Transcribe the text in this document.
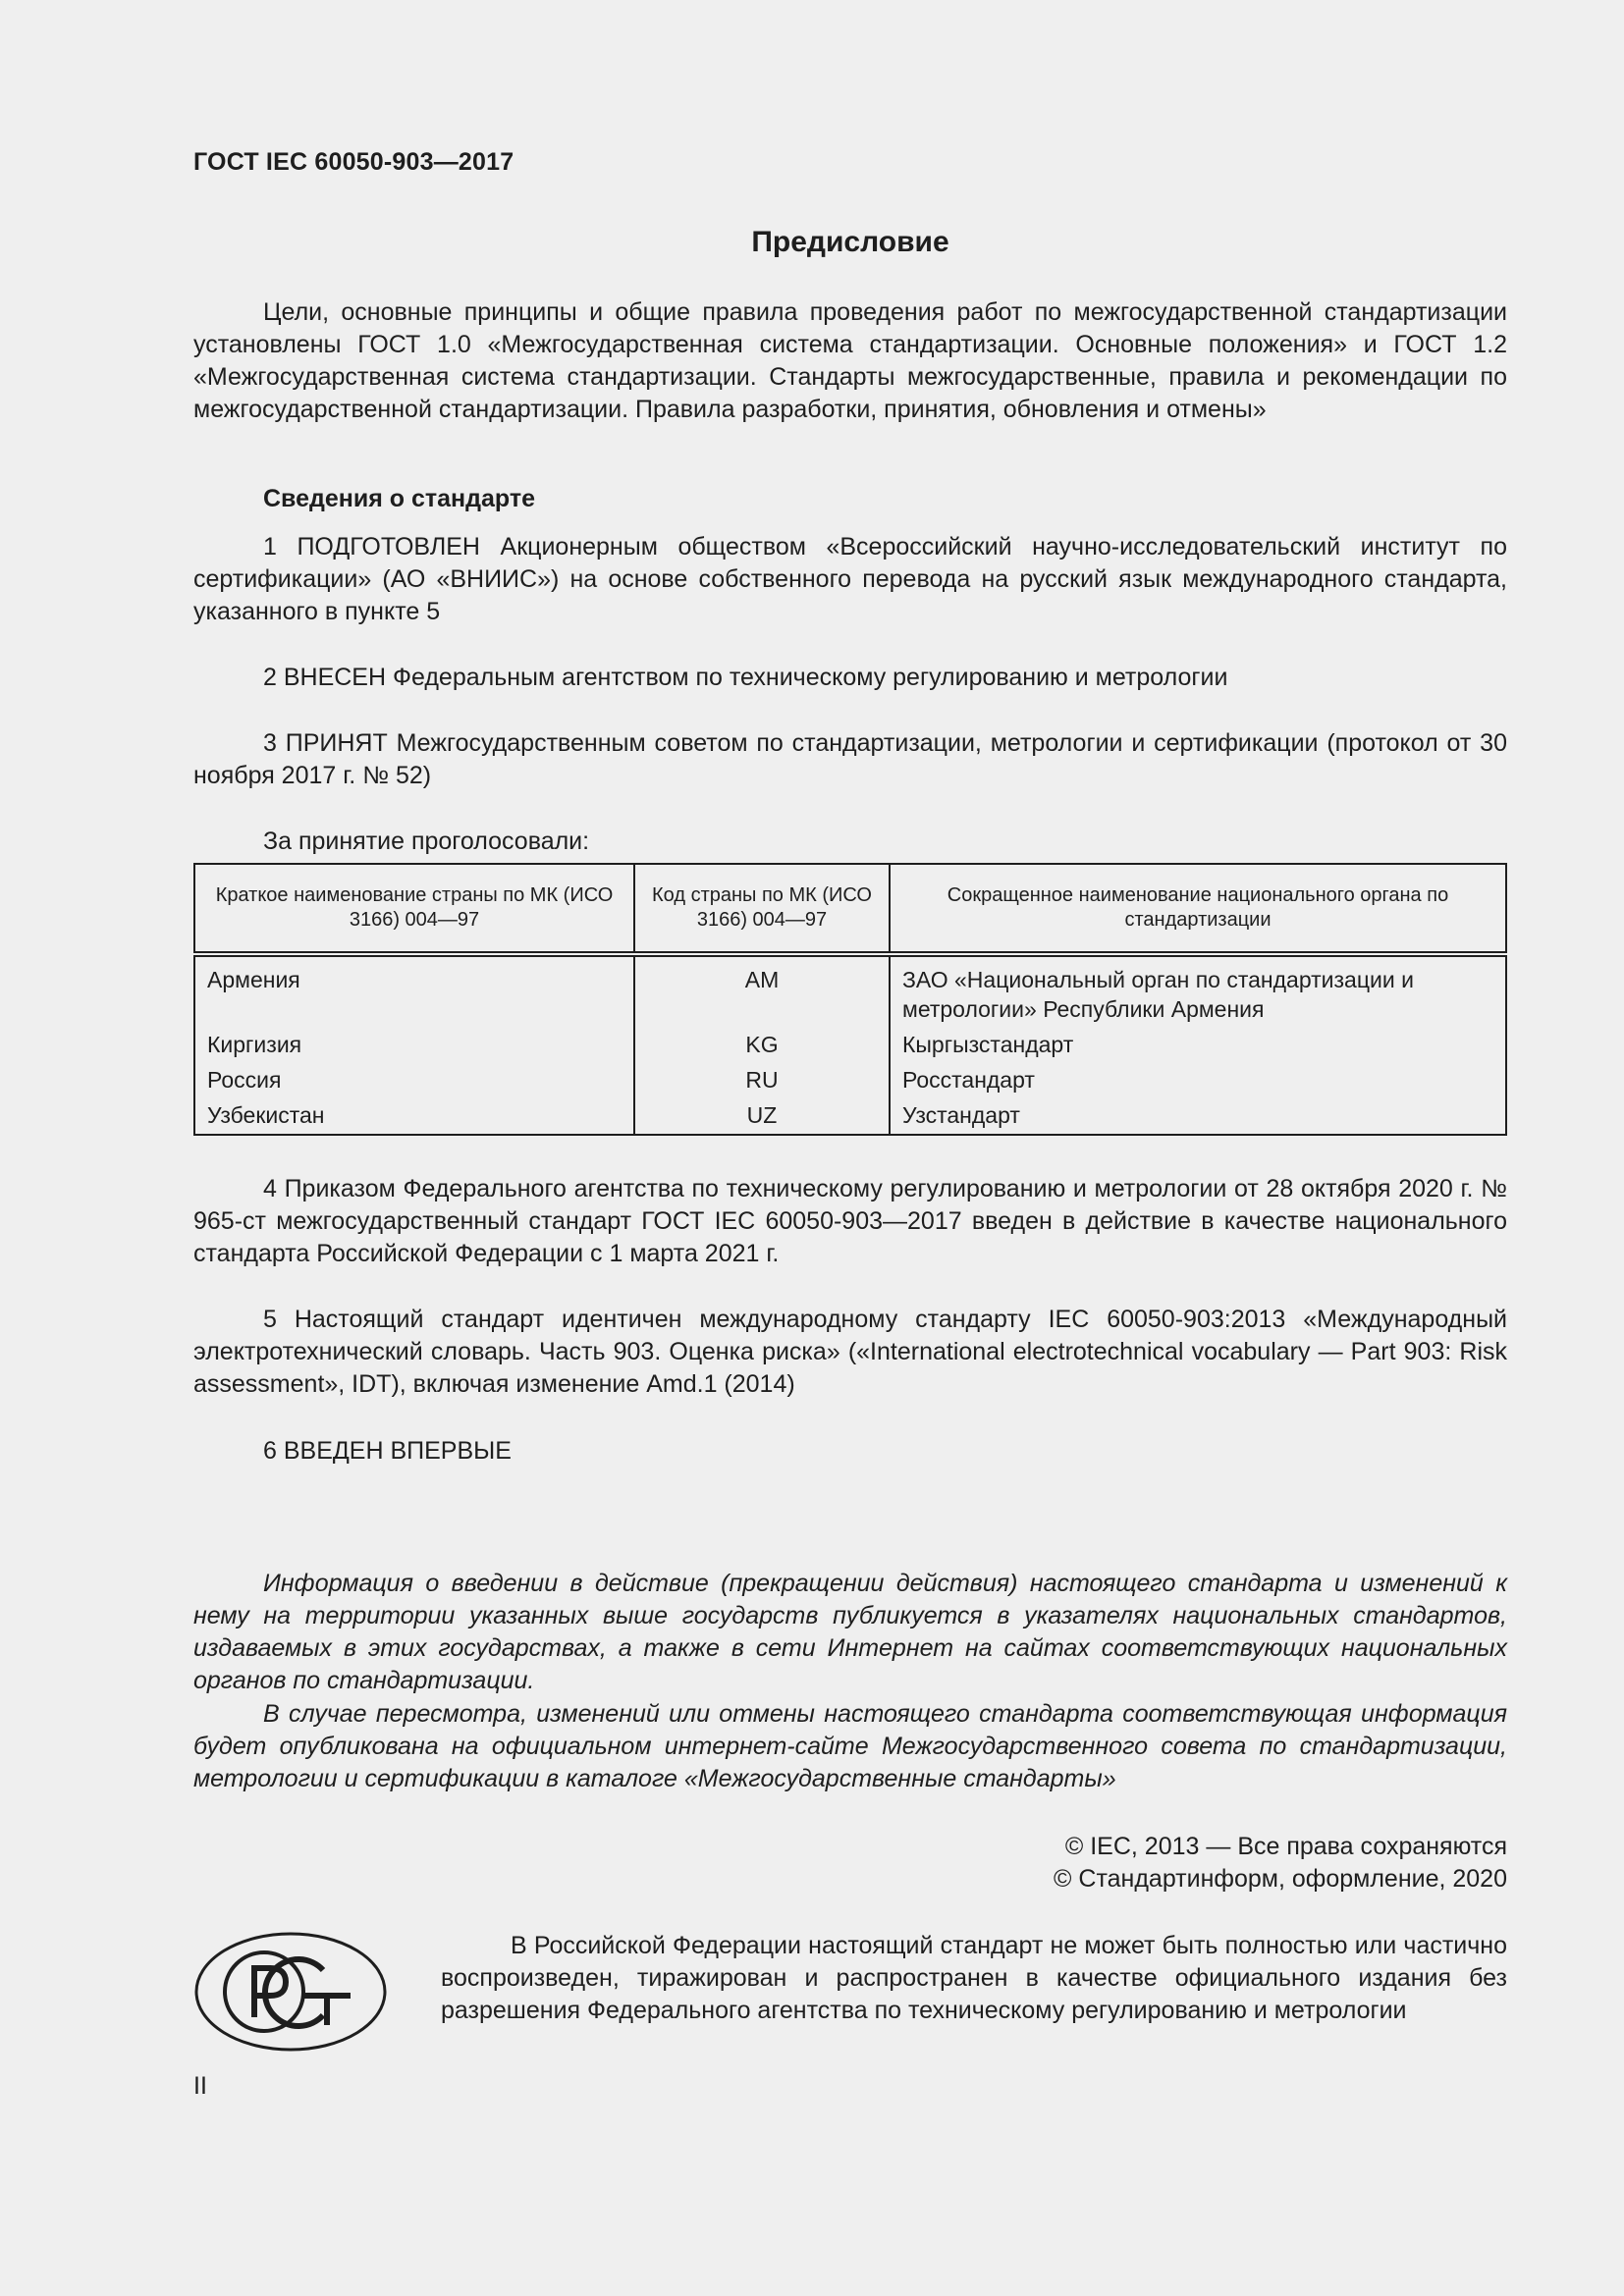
ГОСТ IEC 60050-903—2017
Предисловие

Цели, основные принципы и общие правила проведения работ по межгосударственной стандартизации установлены ГОСТ 1.0 «Межгосударственная система стандартизации. Основные положения» и ГОСТ 1.2 «Межгосударственная система стандартизации. Стандарты межгосударственные, правила и рекомендации по межгосударственной стандартизации. Правила разработки, принятия, обновления и отмены»

Сведения о стандарте

1 ПОДГОТОВЛЕН Акционерным обществом «Всероссийский научно-исследовательский институт по сертификации» (АО «ВНИИС») на основе собственного перевода на русский язык международного стандарта, указанного в пункте 5

2 ВНЕСЕН Федеральным агентством по техническому регулированию и метрологии

3 ПРИНЯТ Межгосударственным советом по стандартизации, метрологии и сертификации (протокол от 30 ноября 2017 г. № 52)

За принятие проголосовали:

Краткое наименование страны по МК (ИСО 3166) 004—97	Код страны по МК (ИСО 3166) 004—97	Сокращенное наименование национального органа по стандартизации
Армения	AM	ЗАО «Национальный орган по стандартизации и метрологии» Республики Армения
Киргизия	KG	Кыргызстандарт
Россия	RU	Росстандарт
Узбекистан	UZ	Узстандарт

4 Приказом Федерального агентства по техническому регулированию и метрологии от 28 октября 2020 г. № 965-ст межгосударственный стандарт ГОСТ IEC 60050-903—2017 введен в действие в качестве национального стандарта Российской Федерации с 1 марта 2021 г.

5 Настоящий стандарт идентичен международному стандарту IEC 60050-903:2013 «Международный электротехнический словарь. Часть 903. Оценка риска» («International electrotechnical vocabulary — Part 903: Risk assessment», IDT), включая изменение Amd.1 (2014)

6 ВВЕДЕН ВПЕРВЫЕ

Информация о введении в действие (прекращении действия) настоящего стандарта и изменений к нему на территории указанных выше государств публикуется в указателях национальных стандартов, издаваемых в этих государствах, а также в сети Интернет на сайтах соответствующих национальных органов по стандартизации.

В случае пересмотра, изменений или отмены настоящего стандарта соответствующая информация будет опубликована на официальном интернет-сайте Межгосударственного совета по стандартизации, метрологии и сертификации в каталоге «Межгосударственные стандарты»

© IEC, 2013 — Все права сохраняются
© Стандартинформ, оформление, 2020

В Российской Федерации настоящий стандарт не может быть полностью или частично воспроизведен, тиражирован и распространен в качестве официального издания без разрешения Федерального агентства по техническому регулированию и метрологии

II
